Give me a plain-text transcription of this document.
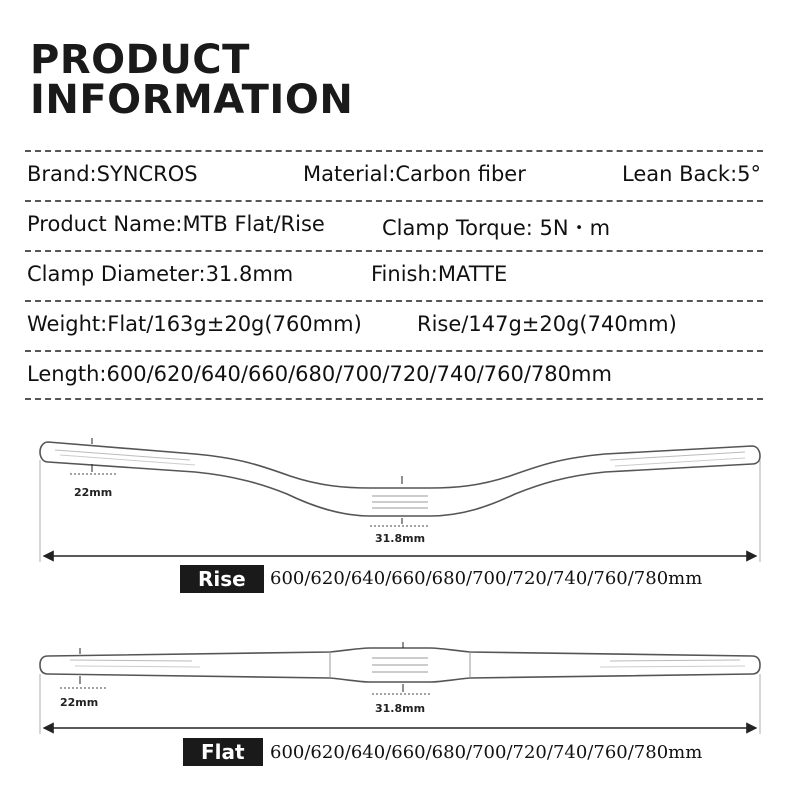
PRODUCT
INFORMATION
Brand:SYNCROS	Material:Carbon fiber	Lean Back:5°
Product Name:MTB Flat/Rise	Clamp Torque: 5N・m
Clamp Diameter:31.8mm	Finish:MATTE
Weight:Flat/163g±20g(760mm)	Rise/147g±20g(740mm)
Length:600/620/640/660/680/700/720/740/760/780mm
22mm
31.8mm
Rise	600/620/640/660/680/700/720/740/760/780mm
22mm	31.8mm
Flat	600/620/640/660/680/700/720/740/760/780mm
